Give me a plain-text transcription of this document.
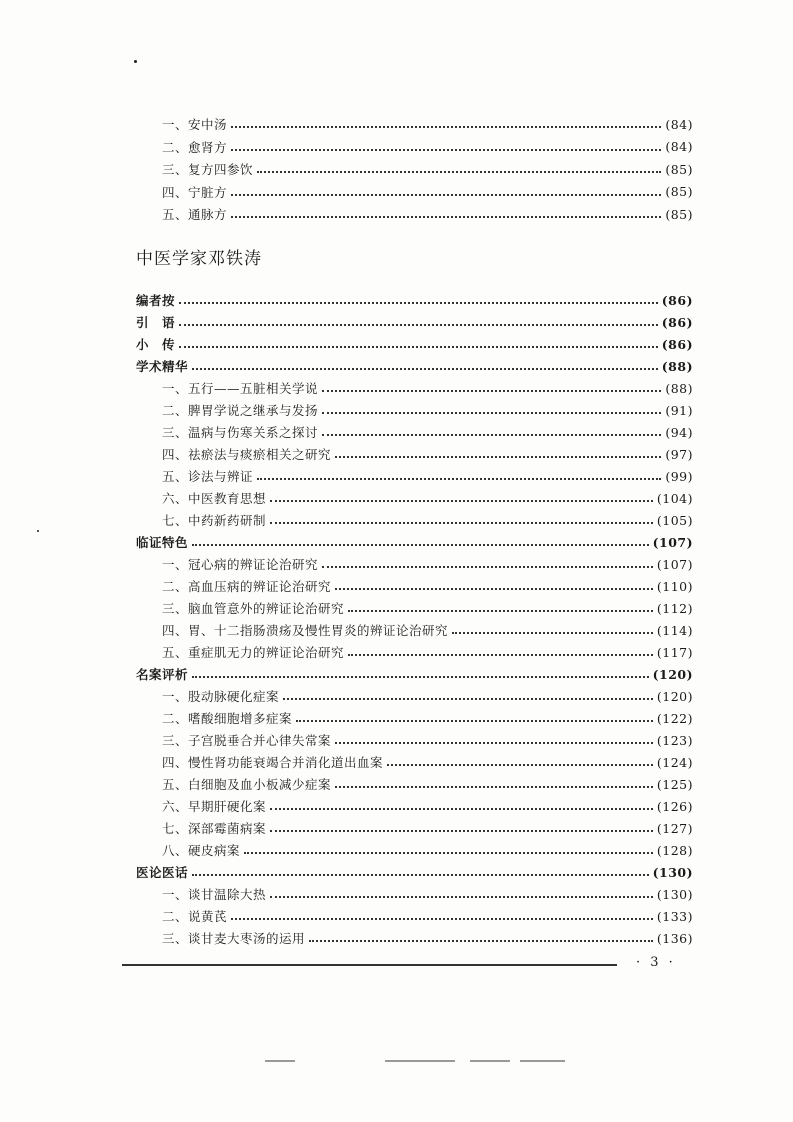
一、安中汤	(84)
二、愈肾方	(84)
三、复方四参饮	(85)
四、宁脏方	(85)
五、通脉方	(85)
编者按	(86)
引　语	(86)
小　传	(86)
学术精华	(88)
一、五行——五脏相关学说	(88)
二、脾胃学说之继承与发扬	(91)
三、温病与伤寒关系之探讨	(94)
四、祛瘀法与痰瘀相关之研究	(97)
五、诊法与辨证	(99)
六、中医教育思想	(104)
七、中药新药研制	(105)
临证特色	(107)
一、冠心病的辨证论治研究	(107)
二、高血压病的辨证论治研究	(110)
三、脑血管意外的辨证论治研究	(112)
四、胃、十二指肠溃疡及慢性胃炎的辨证论治研究	(114)
五、重症肌无力的辨证论治研究	(117)
名案评析	(120)
一、股动脉硬化症案	(120)
二、嗜酸细胞增多症案	(122)
三、子宫脱垂合并心律失常案	(123)
四、慢性肾功能衰竭合并消化道出血案	(124)
五、白细胞及血小板减少症案	(125)
六、早期肝硬化案	(126)
七、深部霉菌病案	(127)
八、硬皮病案	(128)
医论医话	(130)
一、谈甘温除大热	(130)
二、说黄芪	(133)
三、谈甘麦大枣汤的运用	(136)
中医学家邓铁涛
· 3 ·
